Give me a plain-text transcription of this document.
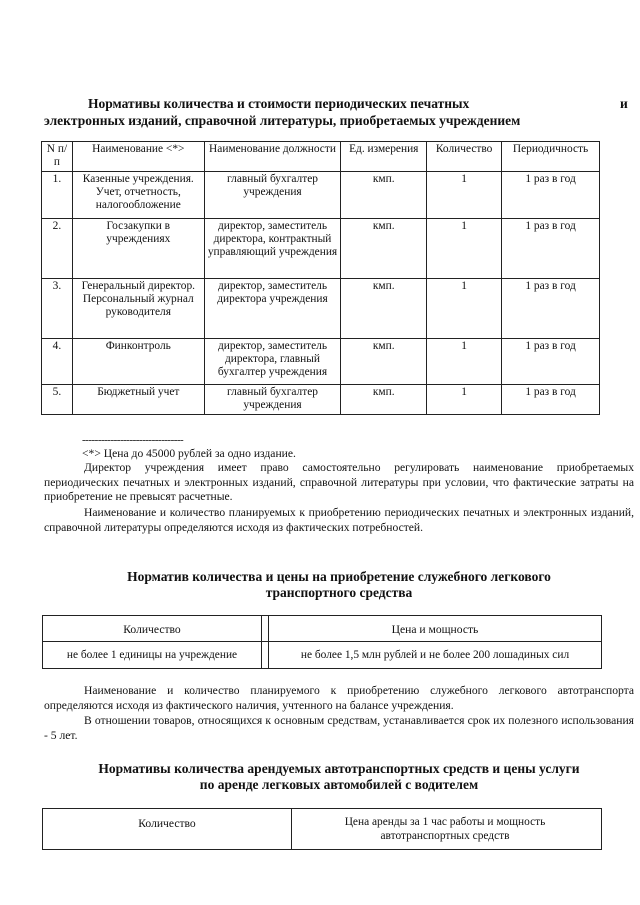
Нормативы количества и стоимости периодических печатных	и
электронных изданий, справочной литературы, приобретаемых учреждением
N п/п	Наименование <*>	Наименование должности	Ед. измерения	Количество	Периодичность
1.	Казенные учреждения. Учет, отчетность, налогообложение	главный бухгалтер учреждения	кмп.	1	1 раз в год
2.	Госзакупки в учреждениях	директор, заместитель директора, контрактный управляющий учреждения	кмп.	1	1 раз в год
3.	Генеральный директор. Персональный журнал руководителя	директор, заместитель директора учреждения	кмп.	1	1 раз в год
4.	Финконтроль	директор, заместитель директора, главный бухгалтер учреждения	кмп.	1	1 раз в год
5.	Бюджетный учет	главный бухгалтер учреждения	кмп.	1	1 раз в год
--------------------------------
<*> Цена до 45000 рублей за одно издание.
Директор учреждения имеет право самостоятельно регулировать наименование приобретаемых периодических печатных и электронных изданий, справочной литературы при условии, что фактические затраты на приобретение не превысят расчетные.
Наименование и количество планируемых к приобретению периодических печатных и электронных изданий, справочной литературы определяются исходя из фактических потребностей.
Норматив количества и цены на приобретение служебного легкового
транспортного средства
Количество	Цена и мощность
не более 1 единицы на учреждение	не более 1,5 млн рублей и не более 200 лошадиных сил
Наименование и количество планируемого к приобретению служебного легкового автотранспорта определяются исходя из фактического наличия, учтенного на балансе учреждения.
В отношении товаров, относящихся к основным средствам, устанавливается срок их полезного использования - 5 лет.
Нормативы количества арендуемых автотранспортных средств и цены услуги
по аренде легковых автомобилей с водителем
Количество	Цена аренды за 1 час работы и мощность автотранспортных средств
